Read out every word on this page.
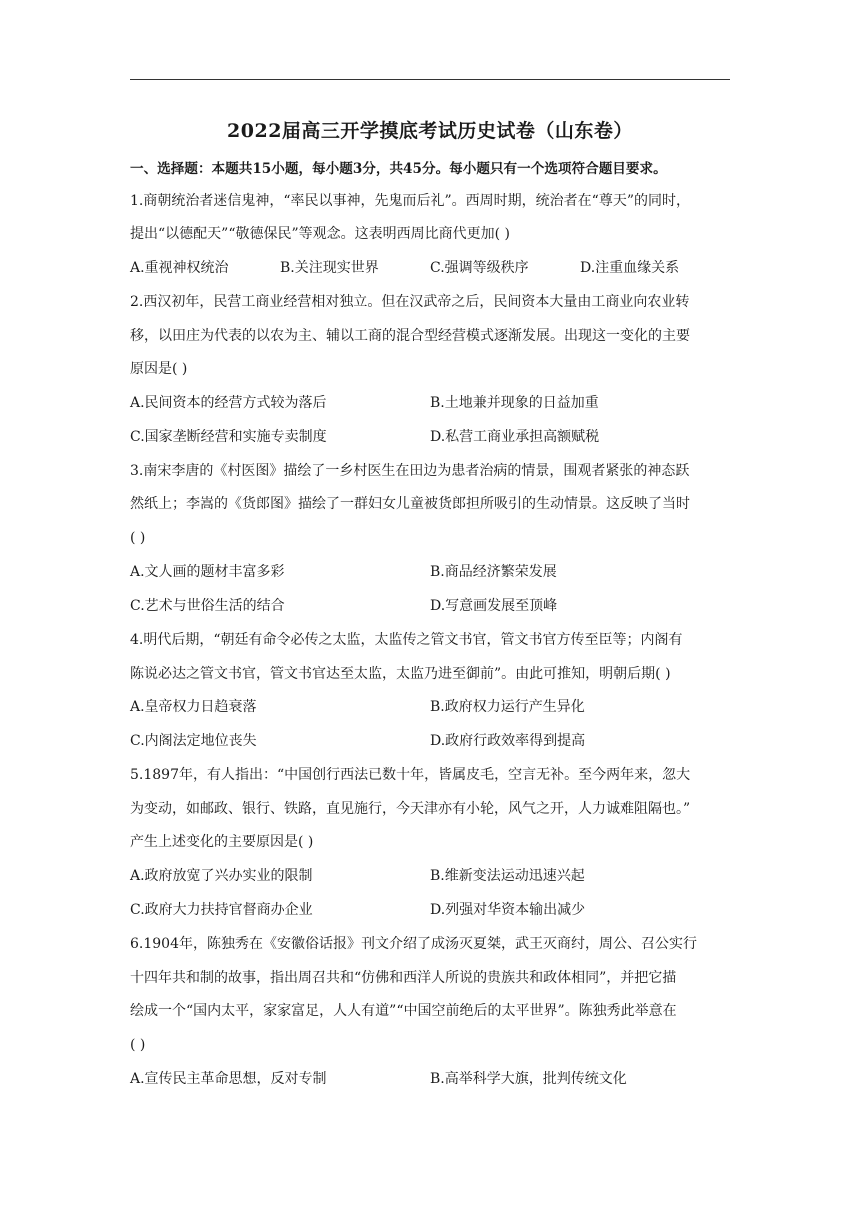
2022届高三开学摸底考试历史试卷（山东卷）
一、选择题：本题共15小题，每小题3分，共45分。每小题只有一个选项符合题目要求。
1.商朝统治者迷信鬼神，“率民以事神，先鬼而后礼”。西周时期，统治者在“尊天”的同时，
提出“以德配天”“敬德保民”等观念。这表明西周比商代更加( )
A.重视神权统治	B.关注现实世界	C.强调等级秩序	D.注重血缘关系
2.西汉初年，民营工商业经营相对独立。但在汉武帝之后，民间资本大量由工商业向农业转
移，以田庄为代表的以农为主、辅以工商的混合型经营模式逐渐发展。出现这一变化的主要
原因是( )
A.民间资本的经营方式较为落后	B.土地兼并现象的日益加重
C.国家垄断经营和实施专卖制度	D.私营工商业承担高额赋税
3.南宋李唐的《村医图》描绘了一乡村医生在田边为患者治病的情景，围观者紧张的神态跃
然纸上；李嵩的《货郎图》描绘了一群妇女儿童被货郎担所吸引的生动情景。这反映了当时
( )
A.文人画的题材丰富多彩	B.商品经济繁荣发展
C.艺术与世俗生活的结合	D.写意画发展至顶峰
4.明代后期，“朝廷有命令必传之太监，太监传之管文书官，管文书官方传至臣等；内阁有
陈说必达之管文书官，管文书官达至太监，太监乃进至御前”。由此可推知，明朝后期( )
A.皇帝权力日趋衰落	B.政府权力运行产生异化
C.内阁法定地位丧失	D.政府行政效率得到提高
5.1897年，有人指出：“中国创行西法已数十年，皆属皮毛，空言无补。至今两年来，忽大
为变动，如邮政、银行、铁路，直见施行，今天津亦有小轮，风气之开，人力诚难阻隔也。”
产生上述变化的主要原因是( )
A.政府放宽了兴办实业的限制	B.维新变法运动迅速兴起
C.政府大力扶持官督商办企业	D.列强对华资本输出减少
6.1904年，陈独秀在《安徽俗话报》刊文介绍了成汤灭夏桀，武王灭商纣，周公、召公实行
十四年共和制的故事，指出周召共和“仿佛和西洋人所说的贵族共和政体相同”，并把它描
绘成一个“国内太平，家家富足，人人有道”“中国空前绝后的太平世界”。陈独秀此举意在
( )
A.宣传民主革命思想，反对专制	B.高举科学大旗，批判传统文化
